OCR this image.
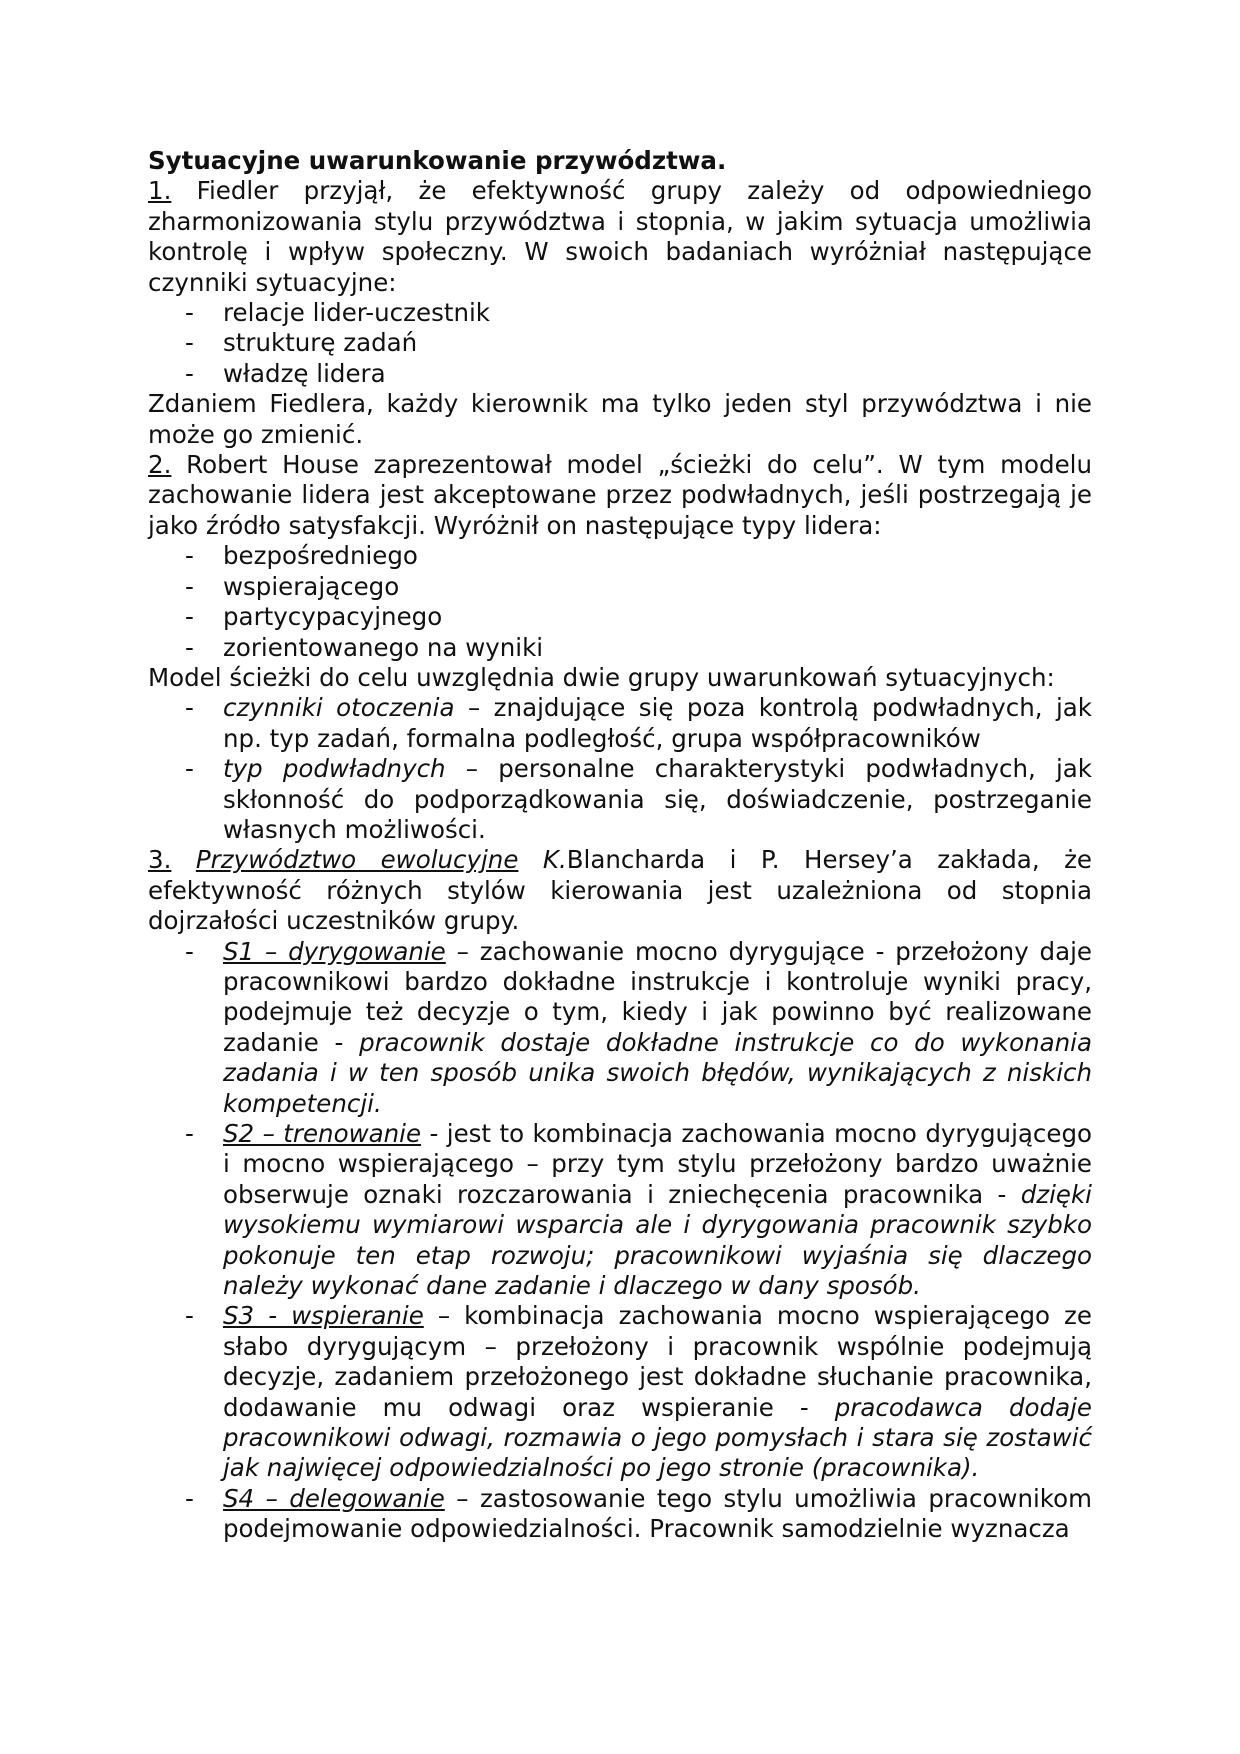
Sytuacyjne uwarunkowanie przywództwa.

1. Fiedler przyjął, że efektywność grupy zależy od odpowiedniego zharmonizowania stylu przywództwa i stopnia, w jakim sytuacja umożliwia kontrolę i wpływ społeczny. W swoich badaniach wyróżniał następujące czynniki sytuacyjne:

- relacje lider-uczestnik
- strukturę zadań
- władzę lidera

Zdaniem Fiedlera, każdy kierownik ma tylko jeden styl przywództwa i nie może go zmienić.

2. Robert House zaprezentował model „ścieżki do celu”. W tym modelu zachowanie lidera jest akceptowane przez podwładnych, jeśli postrzegają je jako źródło satysfakcji. Wyróżnił on następujące typy lidera:

- bezpośredniego
- wspierającego
- partycypacyjnego
- zorientowanego na wyniki

Model ścieżki do celu uwzględnia dwie grupy uwarunkowań sytuacyjnych:

- czynniki otoczenia – znajdujące się poza kontrolą podwładnych, jak np. typ zadań, formalna podległość, grupa współpracowników
- typ podwładnych – personalne charakterystyki podwładnych, jak skłonność do podporządkowania się, doświadczenie, postrzeganie własnych możliwości.

3. Przywództwo ewolucyjne K.Blancharda i P. Hersey’a zakłada, że efektywność różnych stylów kierowania jest uzależniona od stopnia dojrzałości uczestników grupy.

- S1 – dyrygowanie – zachowanie mocno dyrygujące - przełożony daje pracownikowi bardzo dokładne instrukcje i kontroluje wyniki pracy, podejmuje też decyzje o tym, kiedy i jak powinno być realizowane zadanie - pracownik dostaje dokładne instrukcje co do wykonania zadania i w ten sposób unika swoich błędów, wynikających z niskich kompetencji.
- S2 – trenowanie - jest to kombinacja zachowania mocno dyrygującego i mocno wspierającego – przy tym stylu przełożony bardzo uważnie obserwuje oznaki rozczarowania i zniechęcenia pracownika - dzięki wysokiemu wymiarowi wsparcia ale i dyrygowania pracownik szybko pokonuje ten etap rozwoju; pracownikowi wyjaśnia się dlaczego należy wykonać dane zadanie i dlaczego w dany sposób.
- S3 - wspieranie – kombinacja zachowania mocno wspierającego ze słabo dyrygującym – przełożony i pracownik wspólnie podejmują decyzje, zadaniem przełożonego jest dokładne słuchanie pracownika, dodawanie mu odwagi oraz wspieranie - pracodawca dodaje pracownikowi odwagi, rozmawia o jego pomysłach i stara się zostawić jak najwięcej odpowiedzialności po jego stronie (pracownika).
- S4 – delegowanie – zastosowanie tego stylu umożliwia pracownikom podejmowanie odpowiedzialności. Pracownik samodzielnie wyznacza
